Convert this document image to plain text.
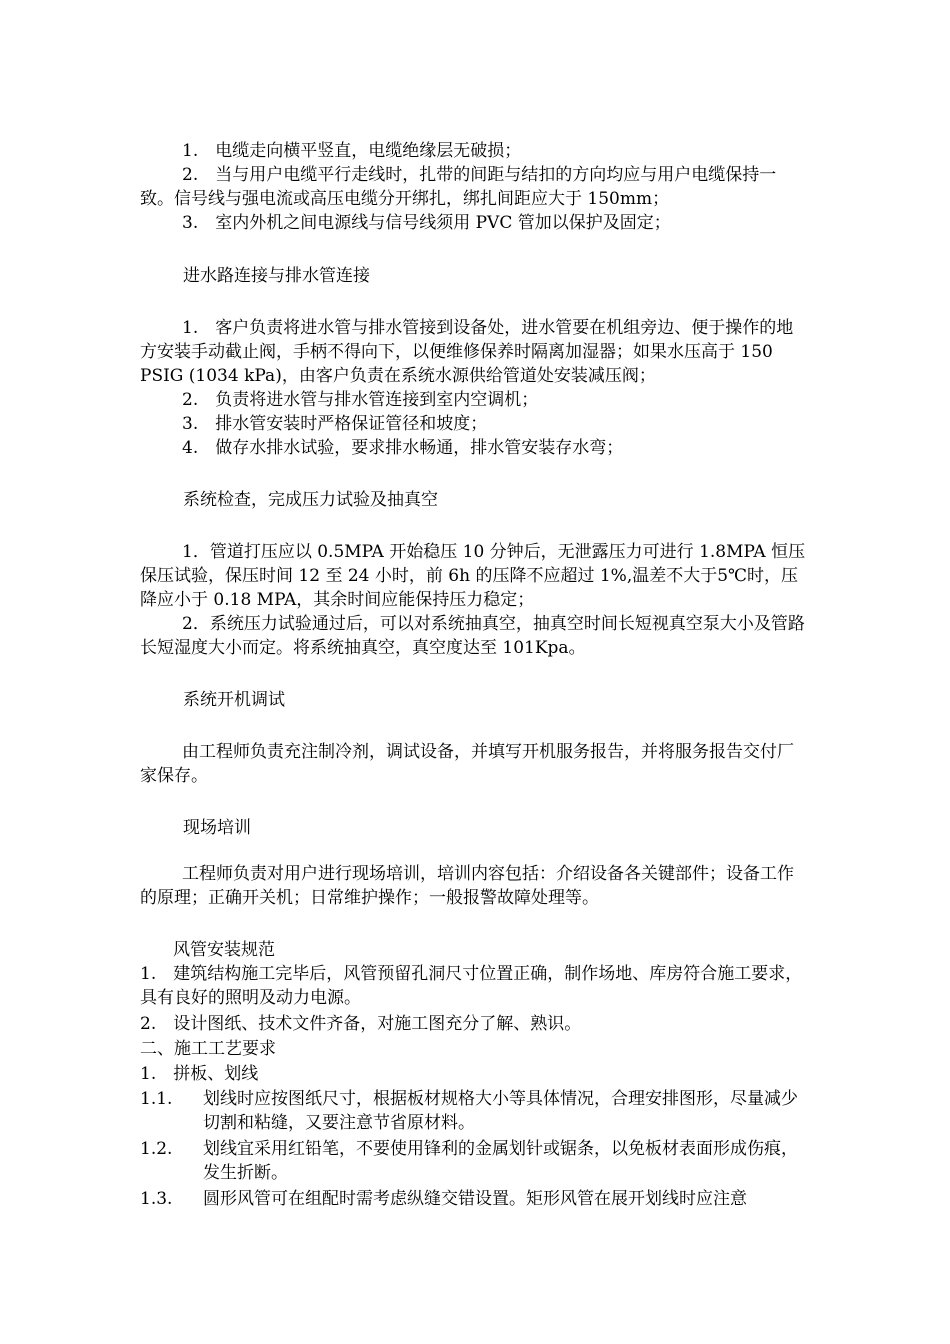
1.　电缆走向横平竖直，电缆绝缘层无破损；

2.　当与用户电缆平行走线时，扎带的间距与结扣的方向均应与用户电缆保持一致。信号线与强电流或高压电缆分开绑扎，绑扎间距应大于 150mm；

3.　室内外机之间电源线与信号线须用 PVC 管加以保护及固定；

进水路连接与排水管连接

1.　客户负责将进水管与排水管接到设备处，进水管要在机组旁边、便于操作的地方安装手动截止阀，手柄不得向下，以便维修保养时隔离加湿器；如果水压高于 150 PSIG (1034 kPa)，由客户负责在系统水源供给管道处安装减压阀；

2.　负责将进水管与排水管连接到室内空调机；

3.　排水管安装时严格保证管径和坡度；

4.　做存水排水试验，要求排水畅通，排水管安装存水弯；

系统检查，完成压力试验及抽真空

1．管道打压应以 0.5MPA 开始稳压 10 分钟后，无泄露压力可进行 1.8MPA 恒压保压试验，保压时间 12 至 24 小时，前 6h 的压降不应超过 1%,温差不大于5℃时，压降应小于 0.18 MPA，其余时间应能保持压力稳定；

2．系统压力试验通过后，可以对系统抽真空，抽真空时间长短视真空泵大小及管路长短湿度大小而定。将系统抽真空，真空度达至 101Kpa。

系统开机调试

由工程师负责充注制冷剂，调试设备，并填写开机服务报告，并将服务报告交付厂家保存。

现场培训

工程师负责对用户进行现场培训，培训内容包括：介绍设备各关键部件；设备工作的原理；正确开关机；日常维护操作；一般报警故障处理等。

风管安装规范

1.　建筑结构施工完毕后，风管预留孔洞尺寸位置正确，制作场地、库房符合施工要求，具有良好的照明及动力电源。

2.　设计图纸、技术文件齐备，对施工图充分了解、熟识。

二、施工工艺要求

1.　拼板、划线

1.1. 划线时应按图纸尺寸，根据板材规格大小等具体情况，合理安排图形，尽量减少切割和粘缝，又要注意节省原材料。

1.2. 划线宜采用红铅笔，不要使用锋利的金属划针或锯条，以免板材表面形成伤痕，发生折断。

1.3. 圆形风管可在组配时需考虑纵缝交错设置。矩形风管在展开划线时应注意
